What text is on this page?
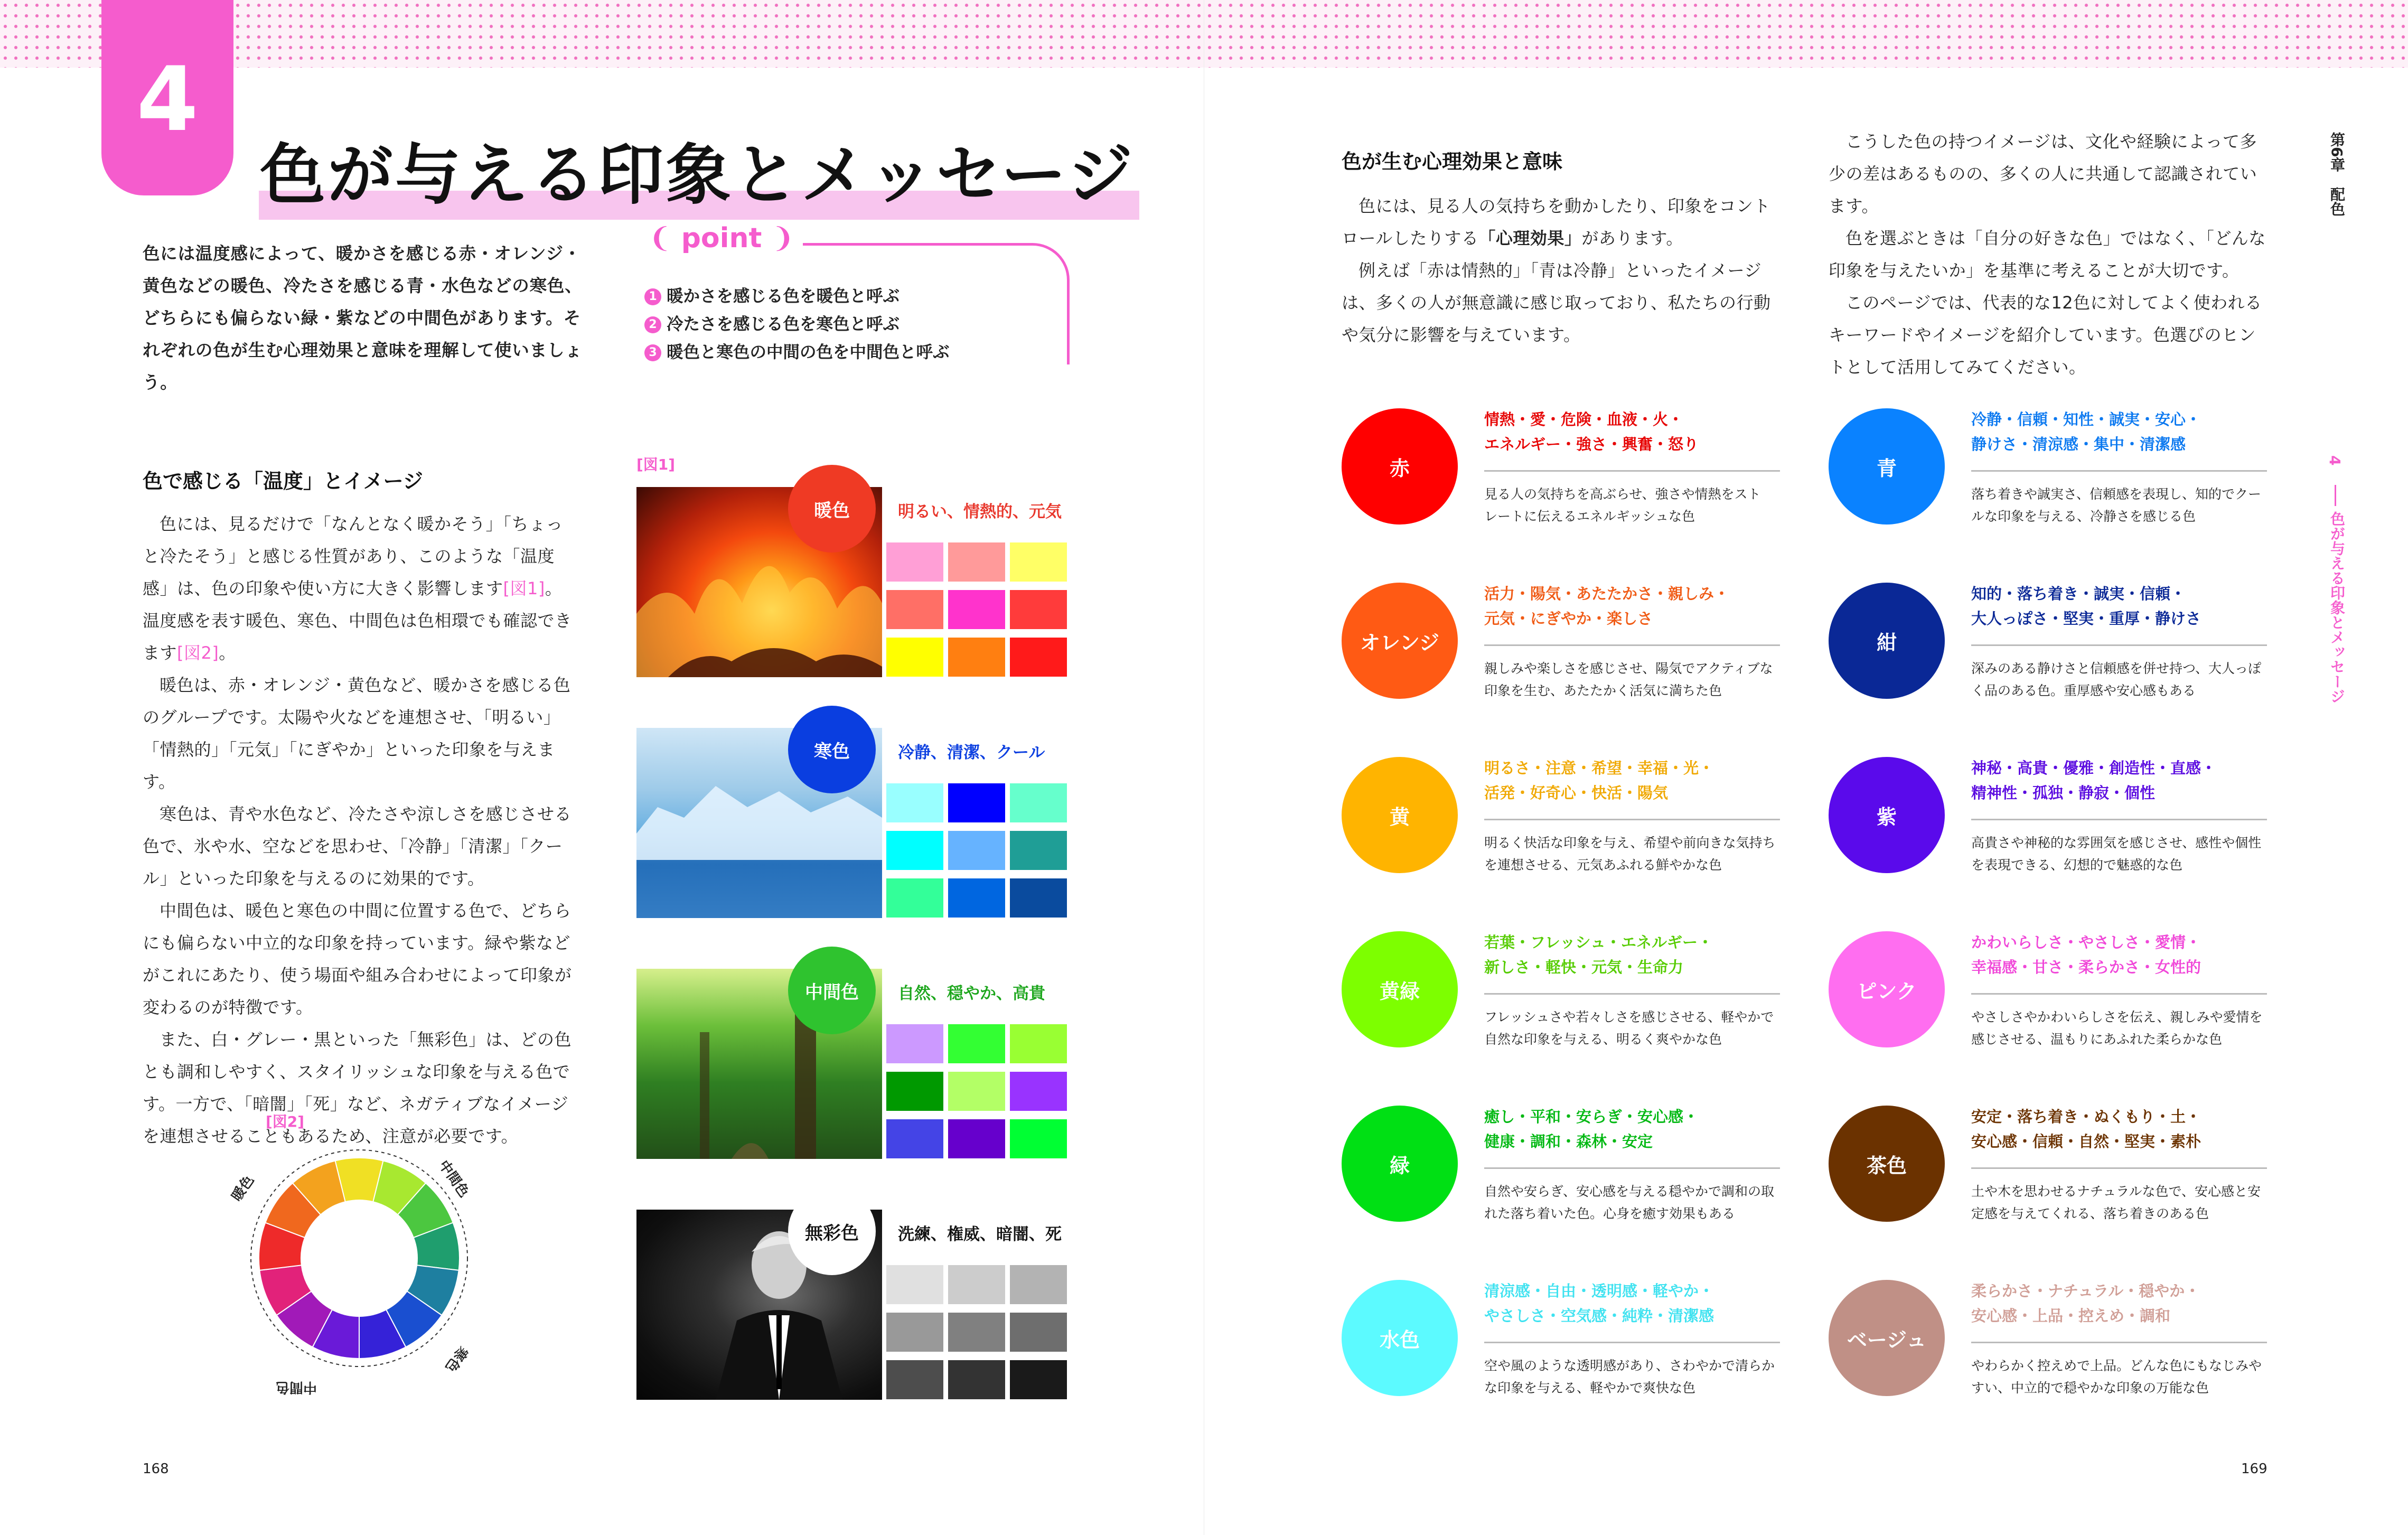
4
色が与える印象とメッセージ
色には温度感によって、暖かさを感じる赤・オレンジ・黄色などの暖色、冷たさを感じる青・水色などの寒色、どちらにも偏らない緑・紫などの中間色があります。それぞれの色が生む心理効果と意味を理解して使いましょう。
❨ point ❩
1 暖かさを感じる色を暖色と呼ぶ
2 冷たさを感じる色を寒色と呼ぶ
3 暖色と寒色の中間の色を中間色と呼ぶ
色で感じる「温度」とイメージ

色には、見るだけで「なんとなく暖かそう」「ちょっと冷たそう」と感じる性質があり、このような「温度感」は、色の印象や使い方に大きく影響します[図1]。温度感を表す暖色、寒色、中間色は色相環でも確認できます[図2]。

暖色は、赤・オレンジ・黄色など、暖かさを感じる色のグループです。太陽や火などを連想させ、「明るい」「情熱的」「元気」「にぎやか」といった印象を与えます。

寒色は、青や水色など、冷たさや涼しさを感じさせる色で、氷や水、空などを思わせ、「冷静」「清潔」「クール」といった印象を与えるのに効果的です。

中間色は、暖色と寒色の中間に位置する色で、どちらにも偏らない中立的な印象を持っています。緑や紫などがこれにあたり、使う場面や組み合わせによって印象が変わるのが特徴です。

また、白・グレー・黒といった「無彩色」は、どの色とも調和しやすく、スタイリッシュな印象を与える色です。一方で、「暗闇」「死」など、ネガティブなイメージを連想させることもあるため、注意が必要です。

[図1]
暖色	明るい、情熱的、元気
寒色	冷静、清潔、クール
中間色 自然、穏やか、高貴
無彩色 洗練、権威、暗闇、死
[図2]
暖色	中間色
寒色
中間色
168
色が生む心理効果と意味

色には、見る人の気持ちを動かしたり、印象をコントロールしたりする「心理効果」があります。

例えば「赤は情熱的」「青は冷静」といったイメージは、多くの人が無意識に感じ取っており、私たちの行動や気分に影響を与えています。

こうした色の持つイメージは、文化や経験によって多少の差はあるものの、多くの人に共通して認識されています。

色を選ぶときは「自分の好きな色」ではなく、「どんな印象を与えたいか」を基準に考えることが大切です。

このページでは、代表的な12色に対してよく使われるキーワードやイメージを紹介しています。色選びのヒントとして活用してみてください。

赤
情熱・愛・危険・血液・火・
エネルギー・強さ・興奮・怒り
見る人の気持ちを高ぶらせ、強さや情熱をスト
レートに伝えるエネルギッシュな色
オレンジ
活力・陽気・あたたかさ・親しみ・
元気・にぎやか・楽しさ
親しみや楽しさを感じさせ、陽気でアクティブな
印象を生む、あたたかく活気に満ちた色
黄
明るさ・注意・希望・幸福・光・
活発・好奇心・快活・陽気
明るく快活な印象を与え、希望や前向きな気持ち
を連想させる、元気あふれる鮮やかな色
黄緑
若葉・フレッシュ・エネルギー・
新しさ・軽快・元気・生命力
フレッシュさや若々しさを感じさせる、軽やかで
自然な印象を与える、明るく爽やかな色
緑
癒し・平和・安らぎ・安心感・
健康・調和・森林・安定
自然や安らぎ、安心感を与える穏やかで調和の取
れた落ち着いた色。心身を癒す効果もある
水色
清涼感・自由・透明感・軽やか・
やさしさ・空気感・純粋・清潔感
空や風のような透明感があり、さわやかで清らか
な印象を与える、軽やかで爽快な色
青
冷静・信頼・知性・誠実・安心・
静けさ・清涼感・集中・清潔感
落ち着きや誠実さ、信頼感を表現し、知的でクー
ルな印象を与える、冷静さを感じる色
紺
知的・落ち着き・誠実・信頼・
大人っぽさ・堅実・重厚・静けさ
深みのある静けさと信頼感を併せ持つ、大人っぽ
く品のある色。重厚感や安心感もある
紫
神秘・高貴・優雅・創造性・直感・
精神性・孤独・静寂・個性
高貴さや神秘的な雰囲気を感じさせ、感性や個性
を表現できる、幻想的で魅惑的な色
ピンク
かわいらしさ・やさしさ・愛情・
幸福感・甘さ・柔らかさ・女性的
やさしさやかわいらしさを伝え、親しみや愛情を
感じさせる、温もりにあふれた柔らかな色
茶色
安定・落ち着き・ぬくもり・土・
安心感・信頼・自然・堅実・素朴
土や木を思わせるナチュラルな色で、安心感と安
定感を与えてくれる、落ち着きのある色
ベージュ
柔らかさ・ナチュラル・穏やか・
安心感・上品・控えめ・調和
やわらかく控えめで上品。どんな色にもなじみや
すい、中立的で穏やかな印象の万能な色
第6章　配色
4
色が与える印象とメッセージ
169
